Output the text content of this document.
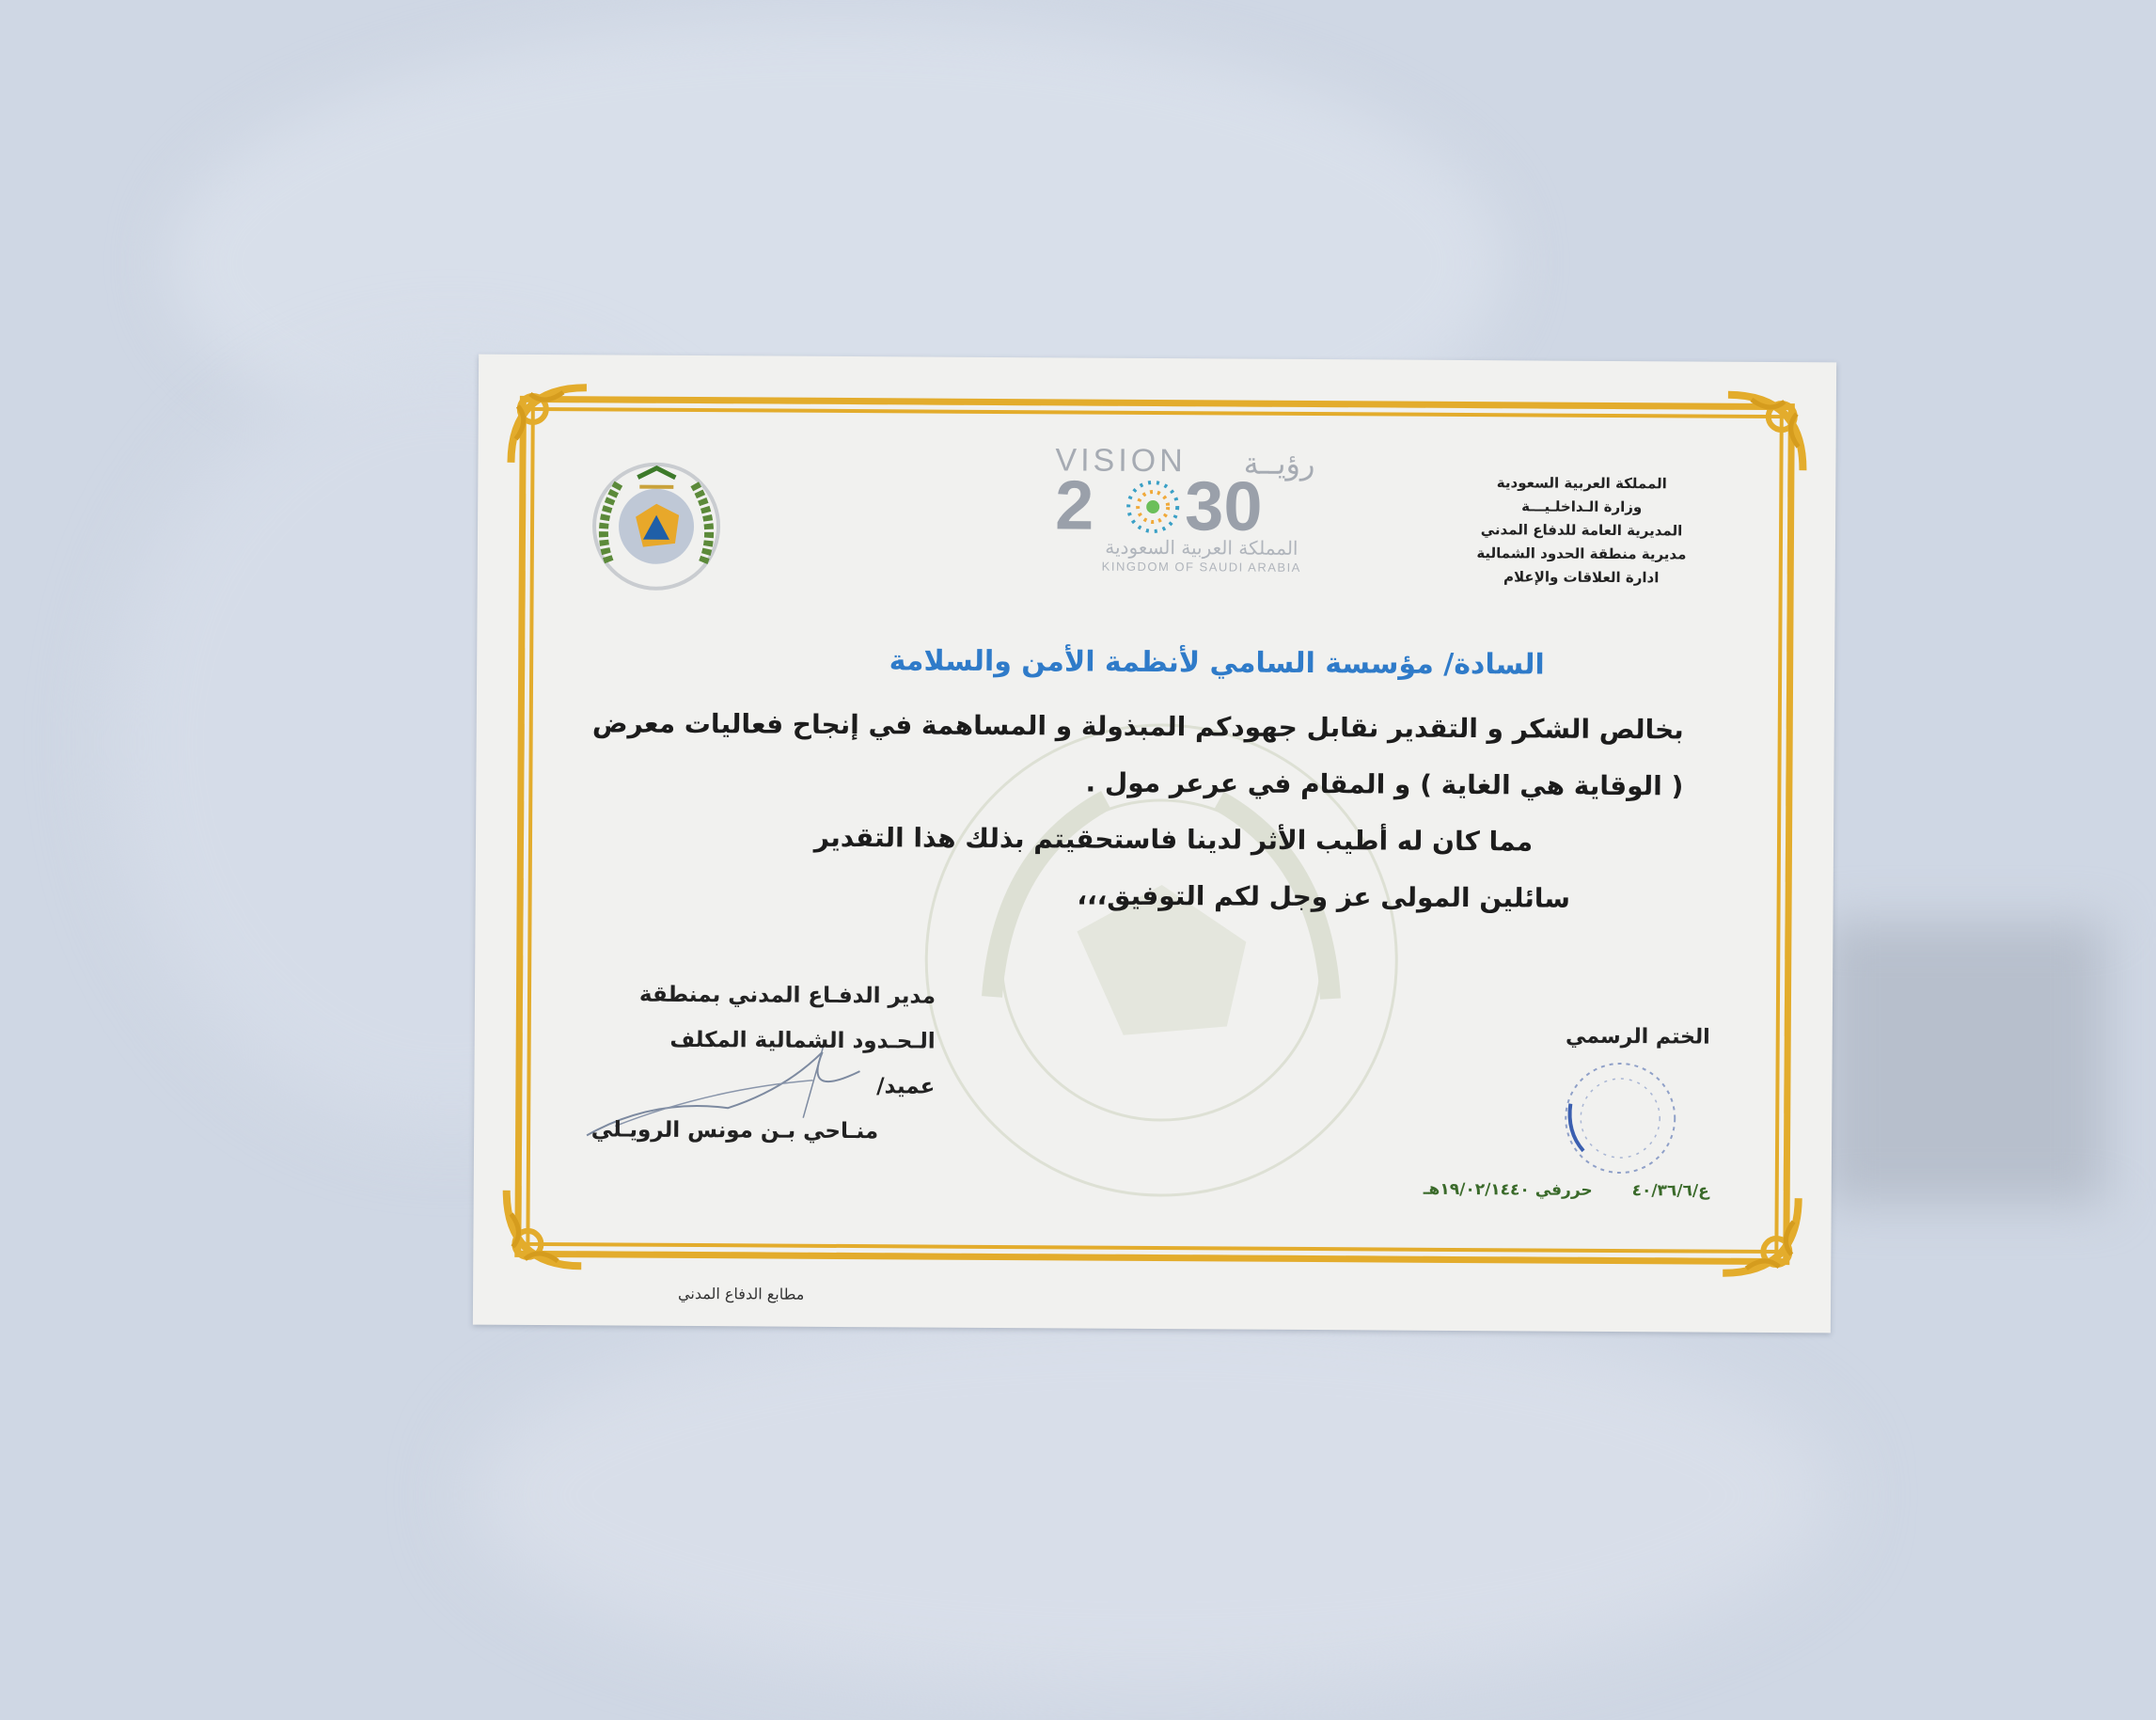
المملكة العربية السعودية
وزارة الـداخلـيـــة
المديرية العامة للدفاع المدني
مديرية منطقة الحدود الشمالية
ادارة العلاقات والإعلام
VISION رؤيــة
2 30
المملكة العربية السعودية
KINGDOM OF SAUDI ARABIA
السادة/ مؤسسة السامي لأنظمة الأمن والسلامة

بخالص الشكر و التقدير نقابل جهودكم المبذولة و المساهمة في إنجاح فعاليات معرض

( الوقاية هي الغاية ) و المقام في عرعر مول .

مما كان له أطيب الأثر لدينا فاستحقيتم بذلك هذا التقدير

سائلين المولى عز وجل لكم التوفيق،،،

مدير الدفـاع المدني بمنطقة
الـحـدود الشمالية المكلف
عميد/
منـاحي بـن مونس الرويـلي
الختم الرسمي
ع/٤٠/٣٦/٦ حررفي ١٩/٠٢/١٤٤٠هـ
مطابع الدفاع المدني
